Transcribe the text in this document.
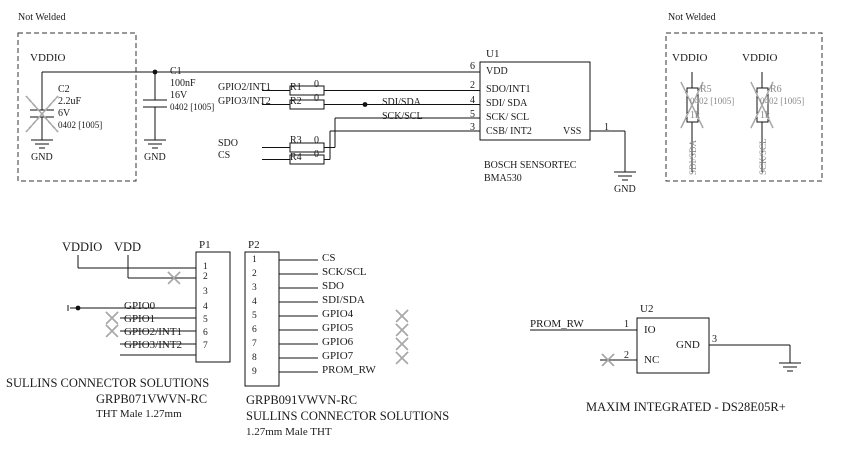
Not Welded
VDDIO
C2
2.2uF
6V
0402 [1005]
GND
C1
100nF
16V
0402 [1005]
GND
GPIO2/INT1 R1 0
GPIO3/INT2 R2 0
SDO	R3 0
CS	R4 0
SDI/SDA
SCK/SCL
U1
6 VDD
2 SDO/INT1
4 SDI/ SDA
5 SCK/ SCL
3 CSB/ INT2	VSS 1
BOSCH SENSORTEC
BMA530
GND
Not Welded
VDDIO	VDDIO
R5
0402 [1005]
1k
SDI/SDA
R6
0402 [1005]
1k
SCK/SCL
VDDIO VDD	P1
1
2
3
4
5
6
7
GPIO0
GPIO1
GPIO2/INT1
GPIO3/INT2
SULLINS CONNECTOR SOLUTIONS
GRPB071VWVN-RC
THT Male 1.27mm
P2
1
2
3
4
5
6
7
8
9
CS
SCK/SCL
SDO
SDI/SDA
GPIO4
GPIO5
GPIO6
GPIO7
PROM_RW
GRPB091VWVN-RC
SULLINS CONNECTOR SOLUTIONS
1.27mm Male THT
U2
PROM_RW	1 IO
2 NC
GND 3
MAXIM INTEGRATED - DS28E05R+
